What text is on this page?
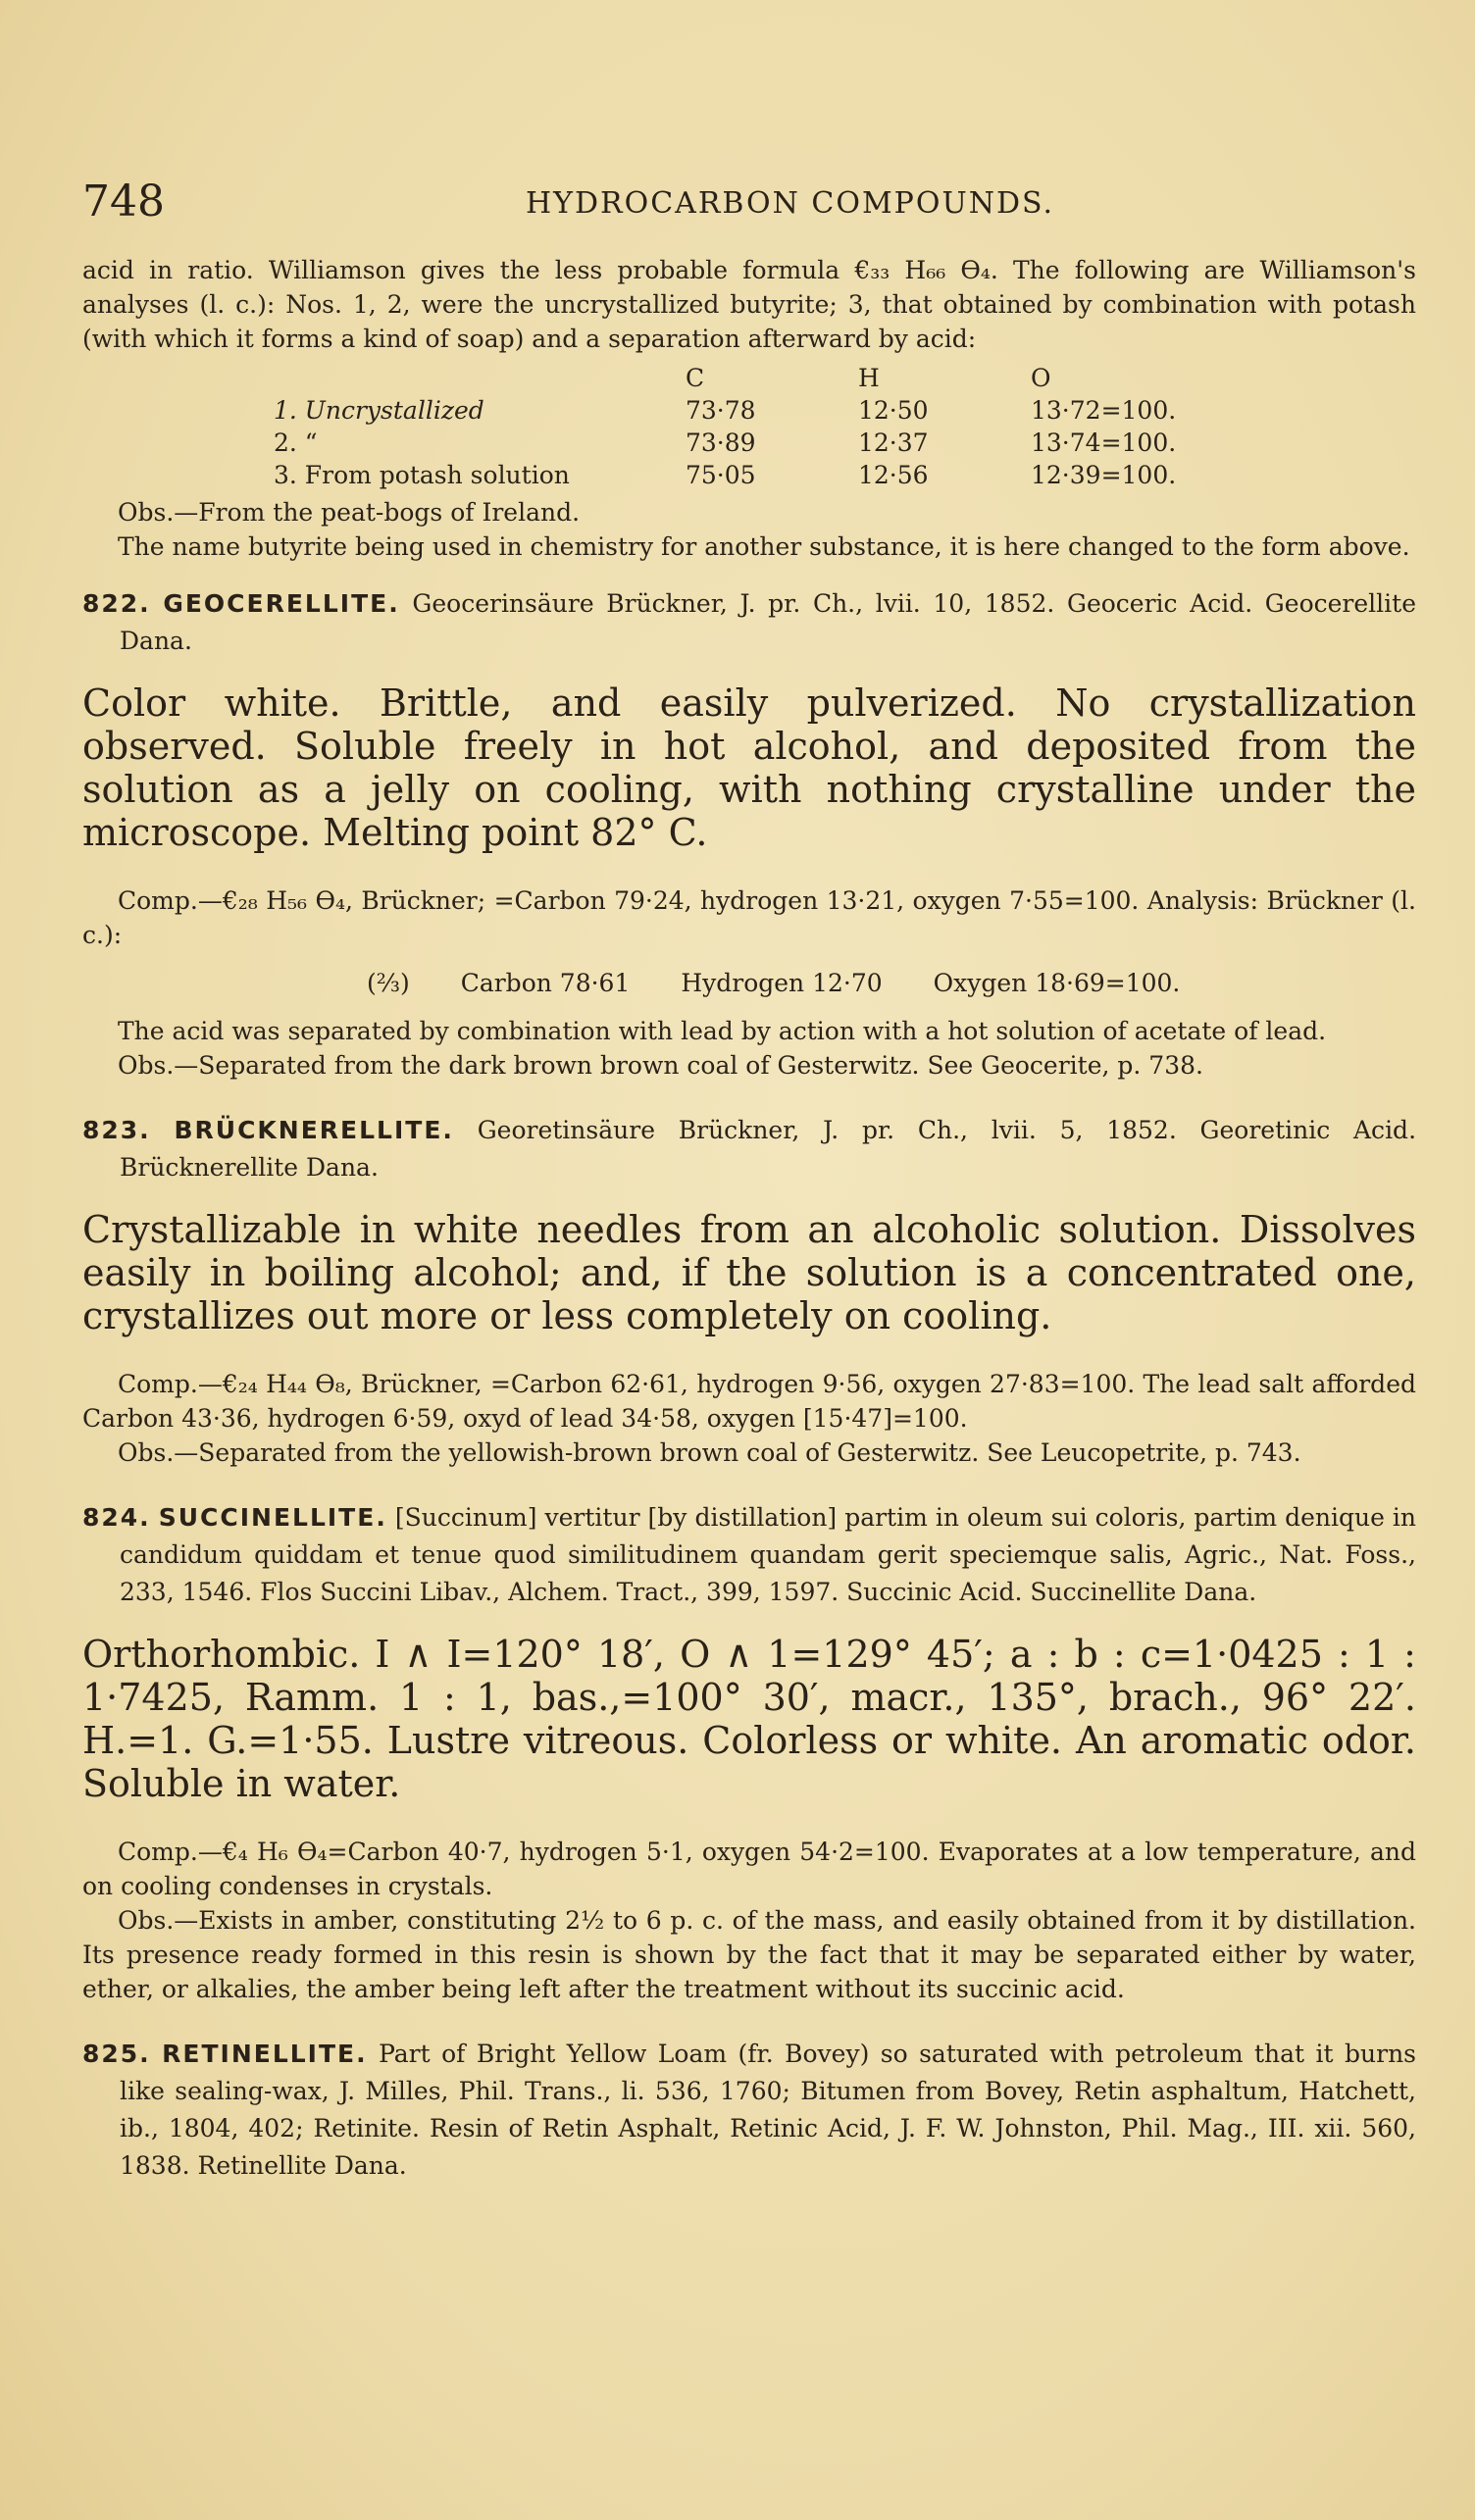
748	HYDROCARBON COMPOUNDS.

acid in ratio. Williamson gives the less probable formula €₃₃ H₆₆ Ө₄. The following are Williamson's analyses (l. c.): Nos. 1, 2, were the uncrystallized butyrite; 3, that obtained by combination with potash (with which it forms a kind of soap) and a separation afterward by acid:

	C	H	O
1. Uncrystallized	73·78	12·50	13·72=100.
2. “	73·89	12·37	13·74=100.
3. From potash solution	75·05	12·56	12·39=100.

Obs.—From the peat-bogs of Ireland.

The name butyrite being used in chemistry for another substance, it is here changed to the form above.

822. GEOCERELLITE. Geocerinsäure Brückner, J. pr. Ch., lvii. 10, 1852. Geoceric Acid. Geocerellite Dana.

Color white. Brittle, and easily pulverized. No crystallization observed. Soluble freely in hot alcohol, and deposited from the solution as a jelly on cooling, with nothing crystalline under the microscope. Melting point 82° C.

Comp.—€₂₈ H₅₆ Ө₄, Brückner; =Carbon 79·24, hydrogen 13·21, oxygen 7·55=100. Analysis: Brückner (l. c.):

(⅔) Carbon 78·61 Hydrogen 12·70 Oxygen 18·69=100.

The acid was separated by combination with lead by action with a hot solution of acetate of lead.

Obs.—Separated from the dark brown brown coal of Gesterwitz. See Geocerite, p. 738.

823. BRÜCKNERELLITE. Georetinsäure Brückner, J. pr. Ch., lvii. 5, 1852. Georetinic Acid. Brücknerellite Dana.

Crystallizable in white needles from an alcoholic solution. Dissolves easily in boiling alcohol; and, if the solution is a concentrated one, crystallizes out more or less completely on cooling.

Comp.—€₂₄ H₄₄ Ө₈, Brückner, =Carbon 62·61, hydrogen 9·56, oxygen 27·83=100. The lead salt afforded Carbon 43·36, hydrogen 6·59, oxyd of lead 34·58, oxygen [15·47]=100.

Obs.—Separated from the yellowish-brown brown coal of Gesterwitz. See Leucopetrite, p. 743.

824. SUCCINELLITE. [Succinum] vertitur [by distillation] partim in oleum sui coloris, partim denique in candidum quiddam et tenue quod similitudinem quandam gerit speciemque salis, Agric., Nat. Foss., 233, 1546. Flos Succini Libav., Alchem. Tract., 399, 1597. Succinic Acid. Succinellite Dana.

Orthorhombic. I ∧ I=120° 18′, O ∧ 1=129° 45′; a : b : c=1·0425 : 1 : 1·7425, Ramm. 1 : 1, bas.,=100° 30′, macr., 135°, brach., 96° 22′. H.=1. G.=1·55. Lustre vitreous. Colorless or white. An aromatic odor. Soluble in water.

Comp.—€₄ H₆ Ө₄=Carbon 40·7, hydrogen 5·1, oxygen 54·2=100. Evaporates at a low temperature, and on cooling condenses in crystals.

Obs.—Exists in amber, constituting 2½ to 6 p. c. of the mass, and easily obtained from it by distillation. Its presence ready formed in this resin is shown by the fact that it may be separated either by water, ether, or alkalies, the amber being left after the treatment without its succinic acid.

825. RETINELLITE. Part of Bright Yellow Loam (fr. Bovey) so saturated with petroleum that it burns like sealing-wax, J. Milles, Phil. Trans., li. 536, 1760; Bitumen from Bovey, Retin asphaltum, Hatchett, ib., 1804, 402; Retinite. Resin of Retin Asphalt, Retinic Acid, J. F. W. Johnston, Phil. Mag., III. xii. 560, 1838. Retinellite Dana.
